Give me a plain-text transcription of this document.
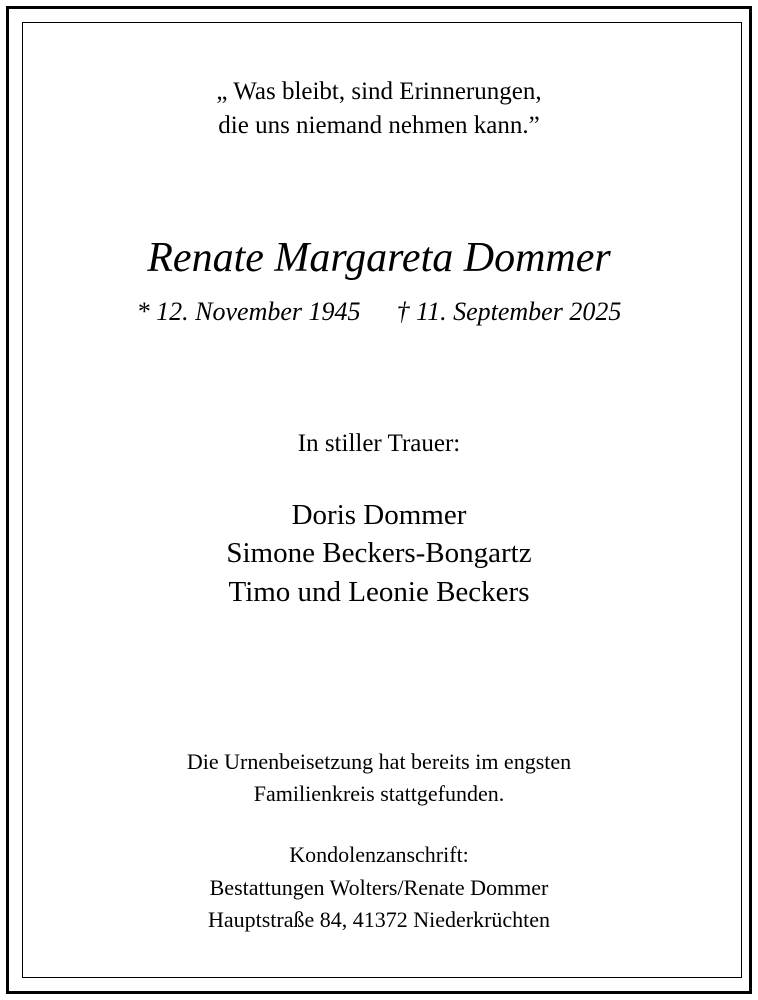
„ Was bleibt, sind Erinnerungen,
die uns niemand nehmen kann.”
Renate Margareta Dommer
* 12. November 1945 † 11. September 2025
In stiller Trauer:
Doris Dommer
Simone Beckers-Bongartz
Timo und Leonie Beckers
Die Urnenbeisetzung hat bereits im engsten
Familienkreis stattgefunden.
Kondolenzanschrift:
Bestattungen Wolters/Renate Dommer
Hauptstraße 84, 41372 Niederkrüchten
